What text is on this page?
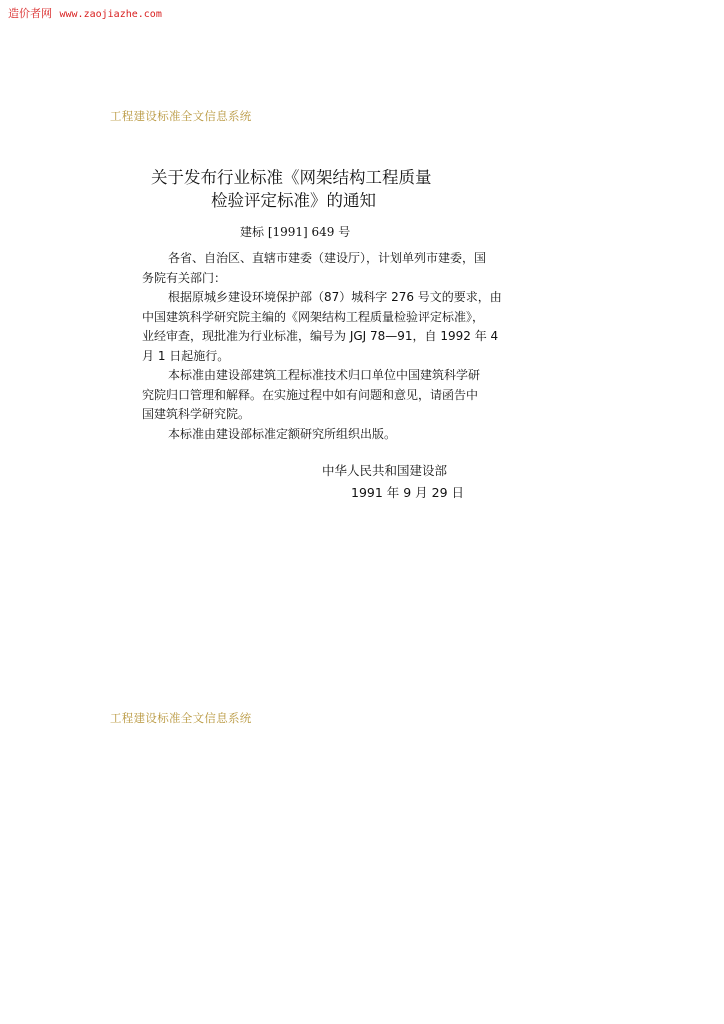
造价者网 www.zaojiazhe.com
工程建设标准全文信息系统
关于发布行业标准《网架结构工程质量
检验评定标准》的通知
建标 [1991] 649 号
各省、自治区、直辖市建委（建设厅），计划单列市建委，国
务院有关部门：
根据原城乡建设环境保护部（87）城科字 276 号文的要求，由
中国建筑科学研究院主编的《网架结构工程质量检验评定标准》，
业经审查，现批准为行业标准，编号为 JGJ 78—91，自 1992 年 4
月 1 日起施行。
本标准由建设部建筑工程标准技术归口单位中国建筑科学研
究院归口管理和解释。在实施过程中如有问题和意见，请函告中
国建筑科学研究院。
本标准由建设部标准定额研究所组织出版。
中华人民共和国建设部
1991 年 9 月 29 日
工程建设标准全文信息系统
